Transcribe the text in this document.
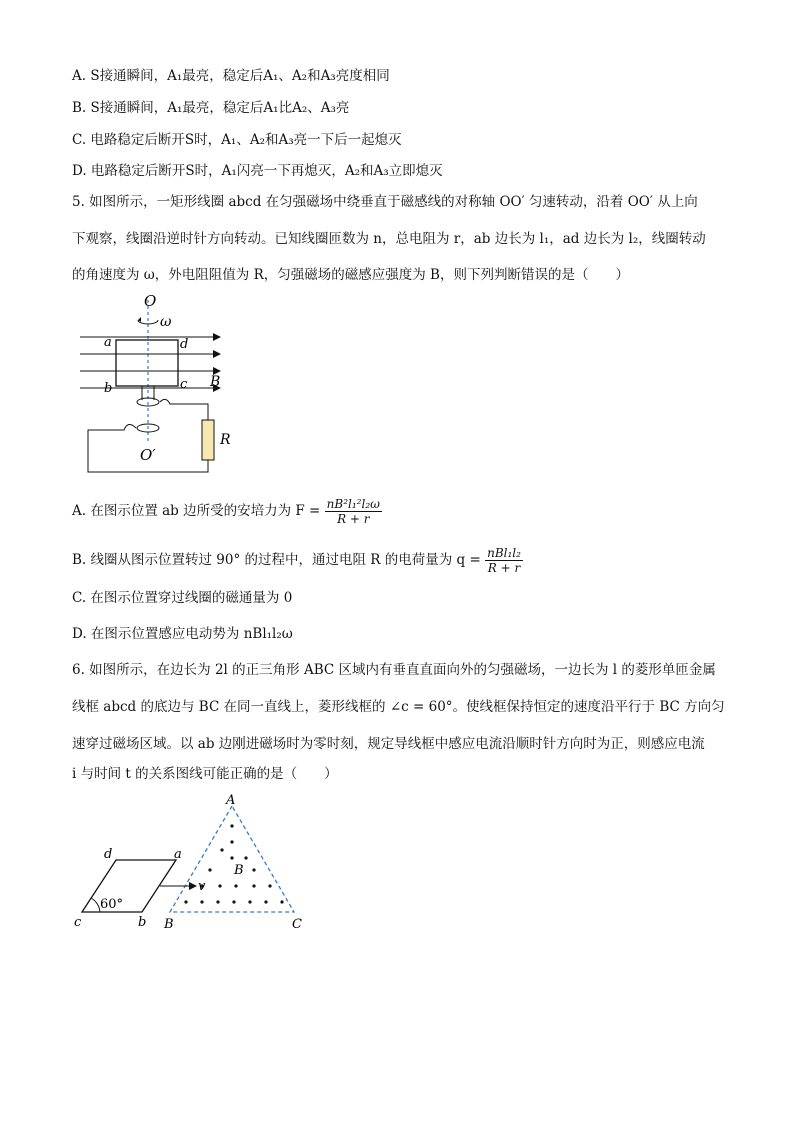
A. S接通瞬间，A₁最亮，稳定后A₁、A₂和A₃亮度相同
B. S接通瞬间，A₁最亮，稳定后A₁比A₂、A₃亮
C. 电路稳定后断开S时，A₁、A₂和A₃亮一下后一起熄灭
D. 电路稳定后断开S时，A₁闪亮一下再熄灭，A₂和A₃立即熄灭
5. 如图所示，一矩形线圈 abcd 在匀强磁场中绕垂直于磁感线的对称轴 OO′ 匀速转动，沿着 OO′ 从上向
下观察，线圈沿逆时针方向转动。已知线圈匝数为 n，总电阻为 r，ab 边长为 l₁，ad 边长为 l₂，线圈转动
的角速度为 ω，外电阻阻值为 R，匀强磁场的磁感应强度为 B，则下列判断错误的是（　　）
O
ω
a	d
b	c B
R
O′
A. 在图示位置 ab 边所受的安培力为 $F = \frac{\text{nB²l₁²l₂ω}}{R + r}$
B. 线圈从图示位置转过 90° 的过程中，通过电阻 R 的电荷量为 $q = \frac{\text{nBl₁l₂}}{R + r}$
C. 在图示位置穿过线圈的磁通量为 0
D. 在图示位置感应电动势为 nBl₁l₂ω
6. 如图所示，在边长为 2l 的正三角形 ABC 区域内有垂直直面向外的匀强磁场，一边长为 l 的菱形单匝金属
线框 abcd 的底边与 BC 在同一直线上，菱形线框的 ∠c = 60°。使线框保持恒定的速度沿平行于 BC 方向匀
速穿过磁场区域。以 ab 边刚进磁场时为零时刻，规定导线框中感应电流沿顺时针方向时为正，则感应电流
i 与时间 t 的关系图线可能正确的是（　　）
A
B
B	C
d	a
c	b
v
60°
